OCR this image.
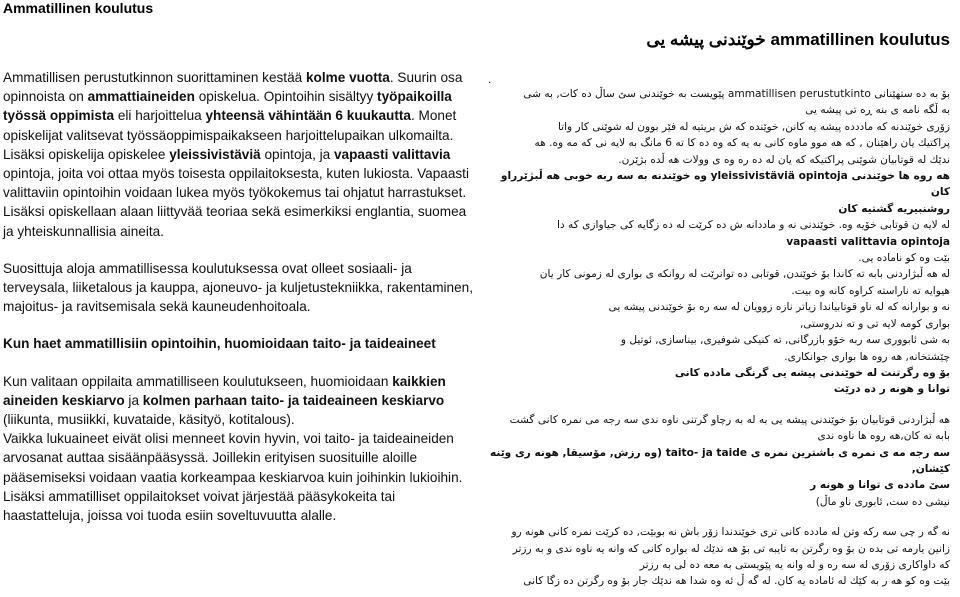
Ammatillinen koulutus
ammatillinen koulutus خوێندنی پیشە یی

Ammatillisen perustutkinnon suorittaminen kestää kolme vuotta. Suurin osa opinnoista on ammattiaineiden opiskelua. Opintoihin sisältyy työpaikoilla työssä oppimista eli harjoittelua yhteensä vähintään 6 kuukautta. Monet opiskelijat valitsevat työssäoppimispaikakseen harjoittelupaikan ulkomailta. Lisäksi opiskelija opiskelee yleissivistäviä opintoja, ja vapaasti valittavia opintoja, joita voi ottaa myös toisesta oppilaitoksesta, kuten lukiosta. Vapaasti valittaviin opintoihin voidaan lukea myös työkokemus tai ohjatut harrastukset. Lisäksi opiskellaan alaan liittyvää teoriaa sekä esimerkiksi englantia, suomea ja yhteiskunnallisia aineita.

Suosittuja aloja ammatillisessa koulutuksessa ovat olleet sosiaali- ja terveysala, liiketalous ja kauppa, ajoneuvo- ja kuljetustekniikka, rakentaminen, majoitus- ja ravitsemisala sekä kauneudenhoitoala.

Kun haet ammatillisiin opintoihin, huomioidaan taito- ja taideaineet

Kun valitaan oppilaita ammatilliseen koulutukseen, huomioidaan kaikkien aineiden keskiarvo ja kolmen parhaan taito- ja taideaineen keskiarvo (liikunta, musiikki, kuvataide, käsityö, kotitalous).

Vaikka lukuaineet eivät olisi menneet kovin hyvin, voi taito- ja taideaineiden arvosanat auttaa sisäänpääsyssä. Joillekin erityisen suosituille aloille pääsemiseksi voidaan vaatia korkeampaa keskiarvoa kuin joihinkin lukioihin. Lisäksi ammatilliset oppilaitokset voivat järjestää pääsykokeita tai haastatteluja, joissa voi tuoda esiin soveltuvuutta alalle.

.

بۆ به ده ستهێنانی ammatillisen perustutkinto پێویست به خوێندنی سێ ساڵ ده كات, به شی

به ڵگه نامه ی بنه ڕه تی پیشه یی

زۆری خوێندنه كه ماددده پیشه یه كانن, خوێنده كه ش بریتیه له فێر بوون له شوێنی كار واتا

پراكتیك یان راهێنان , كه هه موو ماوه كانی به یه كه وه ده كا ته 6 مانگ به لایه نی كه مه وه. هه

ندێك له قوتابیان شوێنی پراكتیكه كه یان له ده ره وه ی وولات هه ڵده بژێرن.

هه روه ها خوێندنی yleissivistäviä opintoja وه خوێندنه به سه ربه خوبی هه ڵبژێرراو كان

روشنبیریه گشتیه كان

له لایه ن قوتابی خۆیه وه. خوێندنی نه و ماددانه ش ده كرێت له ده زگایه كی جیاوازی كه دا

vapaasti valittavia opintoja

بێت وه كو ناماده یی.

له هه ڵبژاردنی بابه ته كاندا بۆ خوێندن, قوتابی ده توانرێت له روانكه ی بواری له زمونی كار یان

هیوایه ته ناراسته كراوه كانه وه بیت.

نه و بوارانه كه له ناو قوتابیاندا زیاتر نازه زوویان له سه ره بۆ خوێندنی پیشه یی

بواری كومه لایه تی و ته ندروستی,

به شی ئابووری سه ربه خۆو بازرگانی, ته كنیكی شوفیری, بیناسازی, ئوتیل و

چێشتخانه, هه روه ها بواری جوانكاری.

بۆ وه رگرتنت له خوێندنی پیشه یی گرنگی مادده كانی

توانا و هونه ر ده درێت

هه ڵبژاردنی قوتابیان بۆ خوێندنی پیشه یی به له به رچاو گرتنی ناوه ندی سه رجه می نمره كانی گشت

بابه ته كان,هه روه ها ناوه ندی

سه رجه مه ی نمره ی باشترین نمره ی taito- ja taide (وه رزش, مۆسیقا, هونه ری وێنه كێشان,

سێ مادده ی توانا و هونه ر

نیشی ده ست, ئابوری ناو ماڵ)

نه گه ر چی سه ركه وتن له مادده كانی تری خوێندندا زۆر باش نه بوبێت, ده كرێت نمره كانی هونه رو

زانین یارمه تی بده ن بۆ وه رگرتن به تایبه تی بۆ هه ندێك له بواره كانی كه وانه یه ناوه ندی و به رزتر

كه داواكاری زۆری له سه ره و له وانه یه پێویستی به معه ده لی به رزتر

بێت وه كو هه ر به كێك له ئاماده یه كان. له گه ڵ ئه وه شدا هه ندێك جار بۆ وه رگرتن ده زگا كانی
